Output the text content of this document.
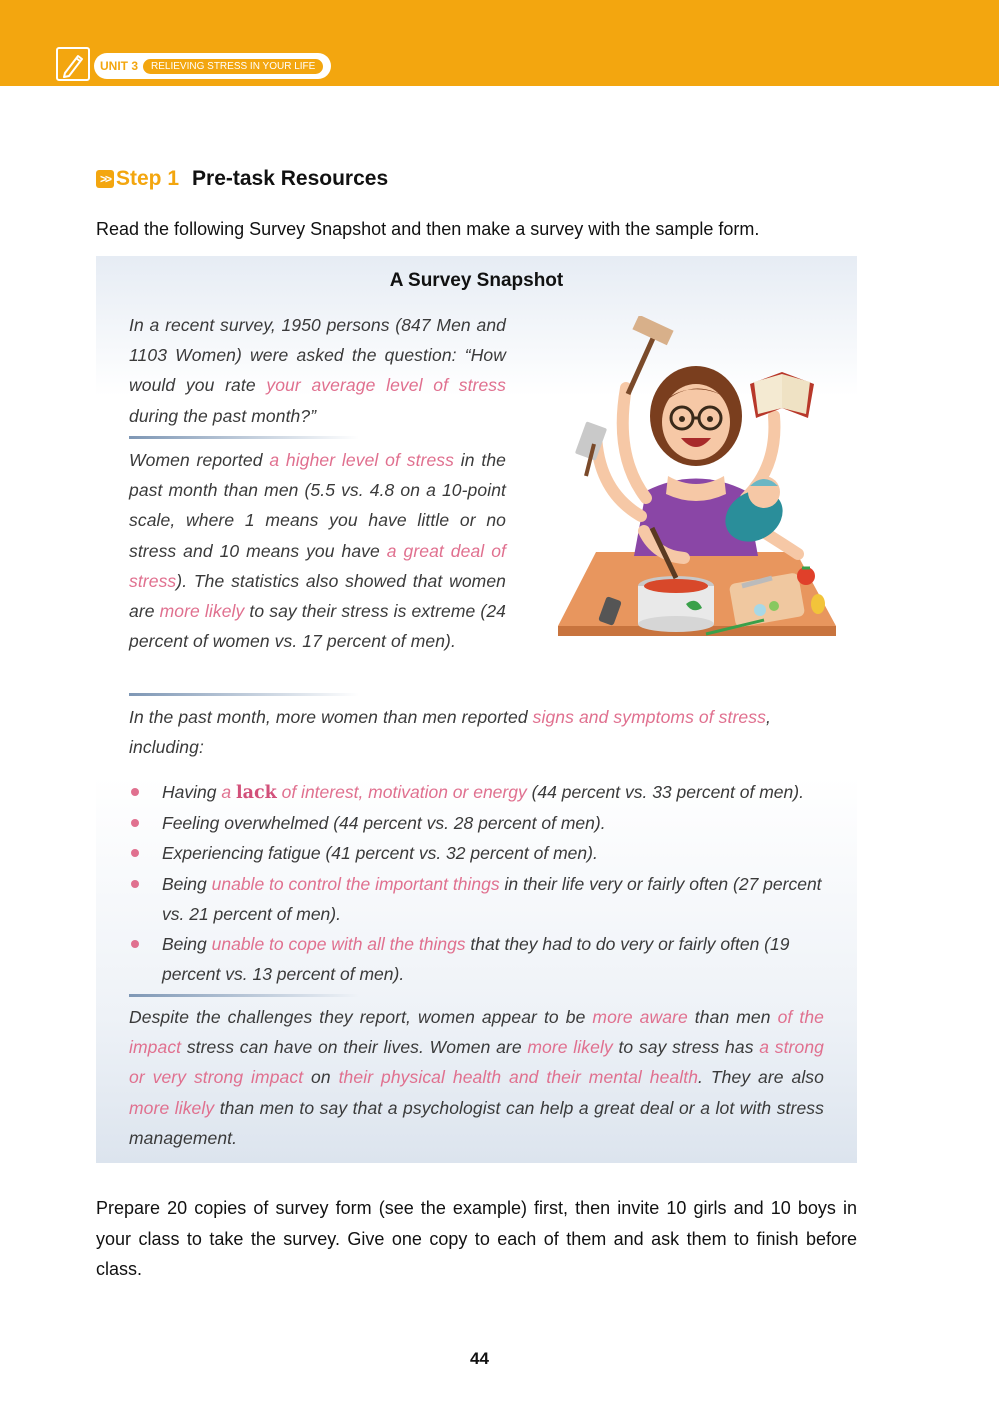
UNIT 3	RELIEVING STRESS IN YOUR LIFE
>> Step 1 Pre-task Resources
Read the following Survey Snapshot and then make a survey with the sample form.
A Survey Snapshot
In a recent survey, 1950 persons (847 Men and 1103 Women) were asked the question: “How would you rate your average level of stress during the past month?”
Women reported a higher level of stress in the past month than men (5.5 vs. 4.8 on a 10-point scale, where 1 means you have little or no stress and 10 means you have a great deal of stress). The statistics also showed that women are more likely to say their stress is extreme (24 percent of women vs. 17 percent of men).
In the past month, more women than men reported signs and symptoms of stress, including:
Having a lack of interest, motivation or energy (44 percent vs. 33 percent of men).
Feeling overwhelmed (44 percent vs. 28 percent of men).
Experiencing fatigue (41 percent vs. 32 percent of men).
Being unable to control the important things in their life very or fairly often (27 percent vs. 21 percent of men).
Being unable to cope with all the things that they had to do very or fairly often (19 percent vs. 13 percent of men).
Despite the challenges they report, women appear to be more aware than men of the impact stress can have on their lives. Women are more likely to say stress has a strong or very strong impact on their physical health and their mental health. They are also more likely than men to say that a psychologist can help a great deal or a lot with stress management.
Prepare 20 copies of survey form (see the example) first, then invite 10 girls and 10 boys in your class to take the survey. Give one copy to each of them and ask them to finish before class.
44
